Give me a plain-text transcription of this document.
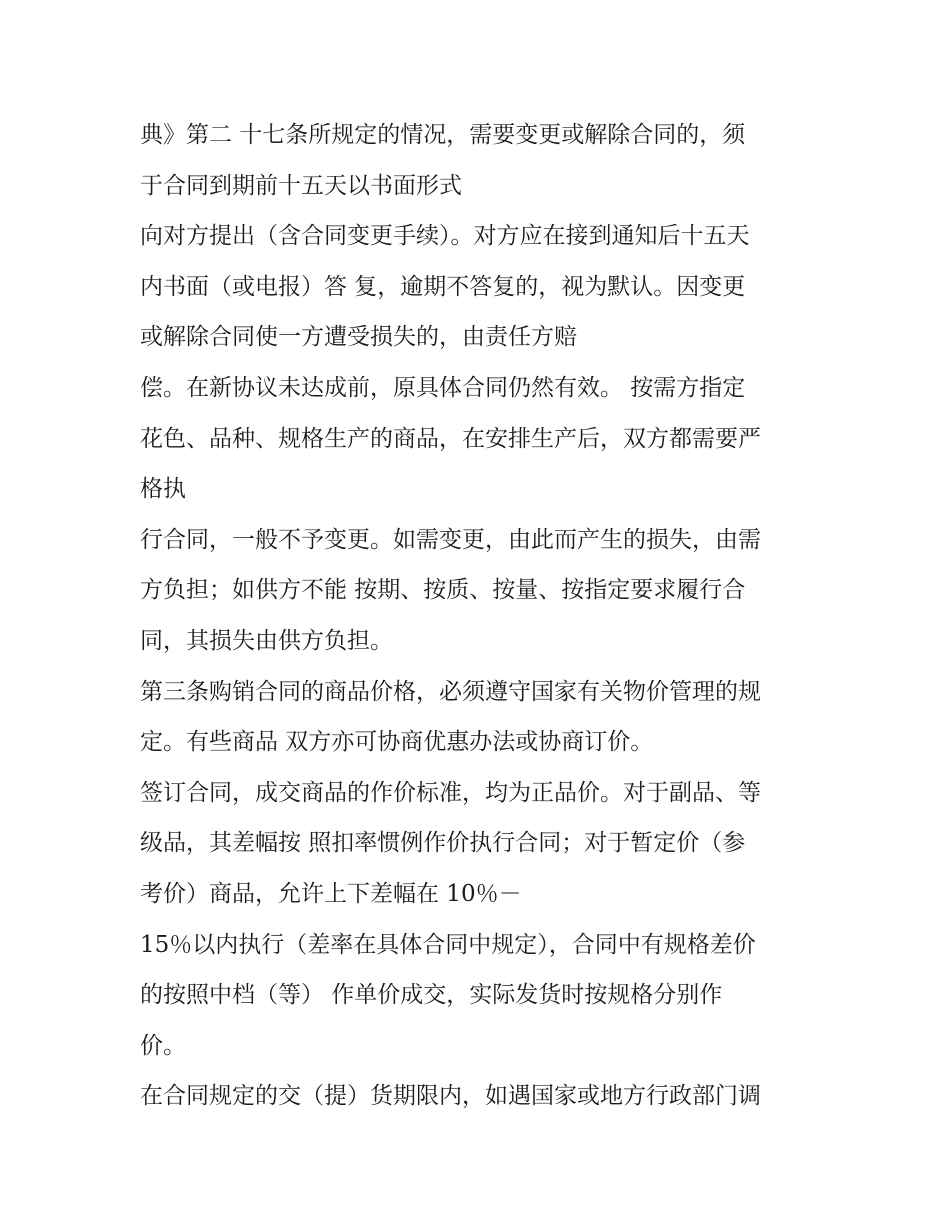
典》第二 十七条所规定的情况，需要变更或解除合同的，须
于合同到期前十五天以书面形式
向对方提出（含合同变更手续）。对方应在接到通知后十五天
内书面（或电报）答 复，逾期不答复的，视为默认。因变更
或解除合同使一方遭受损失的，由责任方赔
偿。在新协议未达成前，原具体合同仍然有效。 按需方指定
花色、品种、规格生产的商品，在安排生产后，双方都需要严
格执
行合同，一般不予变更。如需变更，由此而产生的损失，由需
方负担；如供方不能 按期、按质、按量、按指定要求履行合
同，其损失由供方负担。
第三条购销合同的商品价格，必须遵守国家有关物价管理的规
定。有些商品 双方亦可协商优惠办法或协商订价。
签订合同，成交商品的作价标准，均为正品价。对于副品、等
级品，其差幅按 照扣率惯例作价执行合同；对于暂定价（参
考价）商品，允许上下差幅在 10％－
15％以内执行（差率在具体合同中规定），合同中有规格差价
的按照中档（等） 作单价成交，实际发货时按规格分别作
价。
在合同规定的交（提）货期限内，如遇国家或地方行政部门调
